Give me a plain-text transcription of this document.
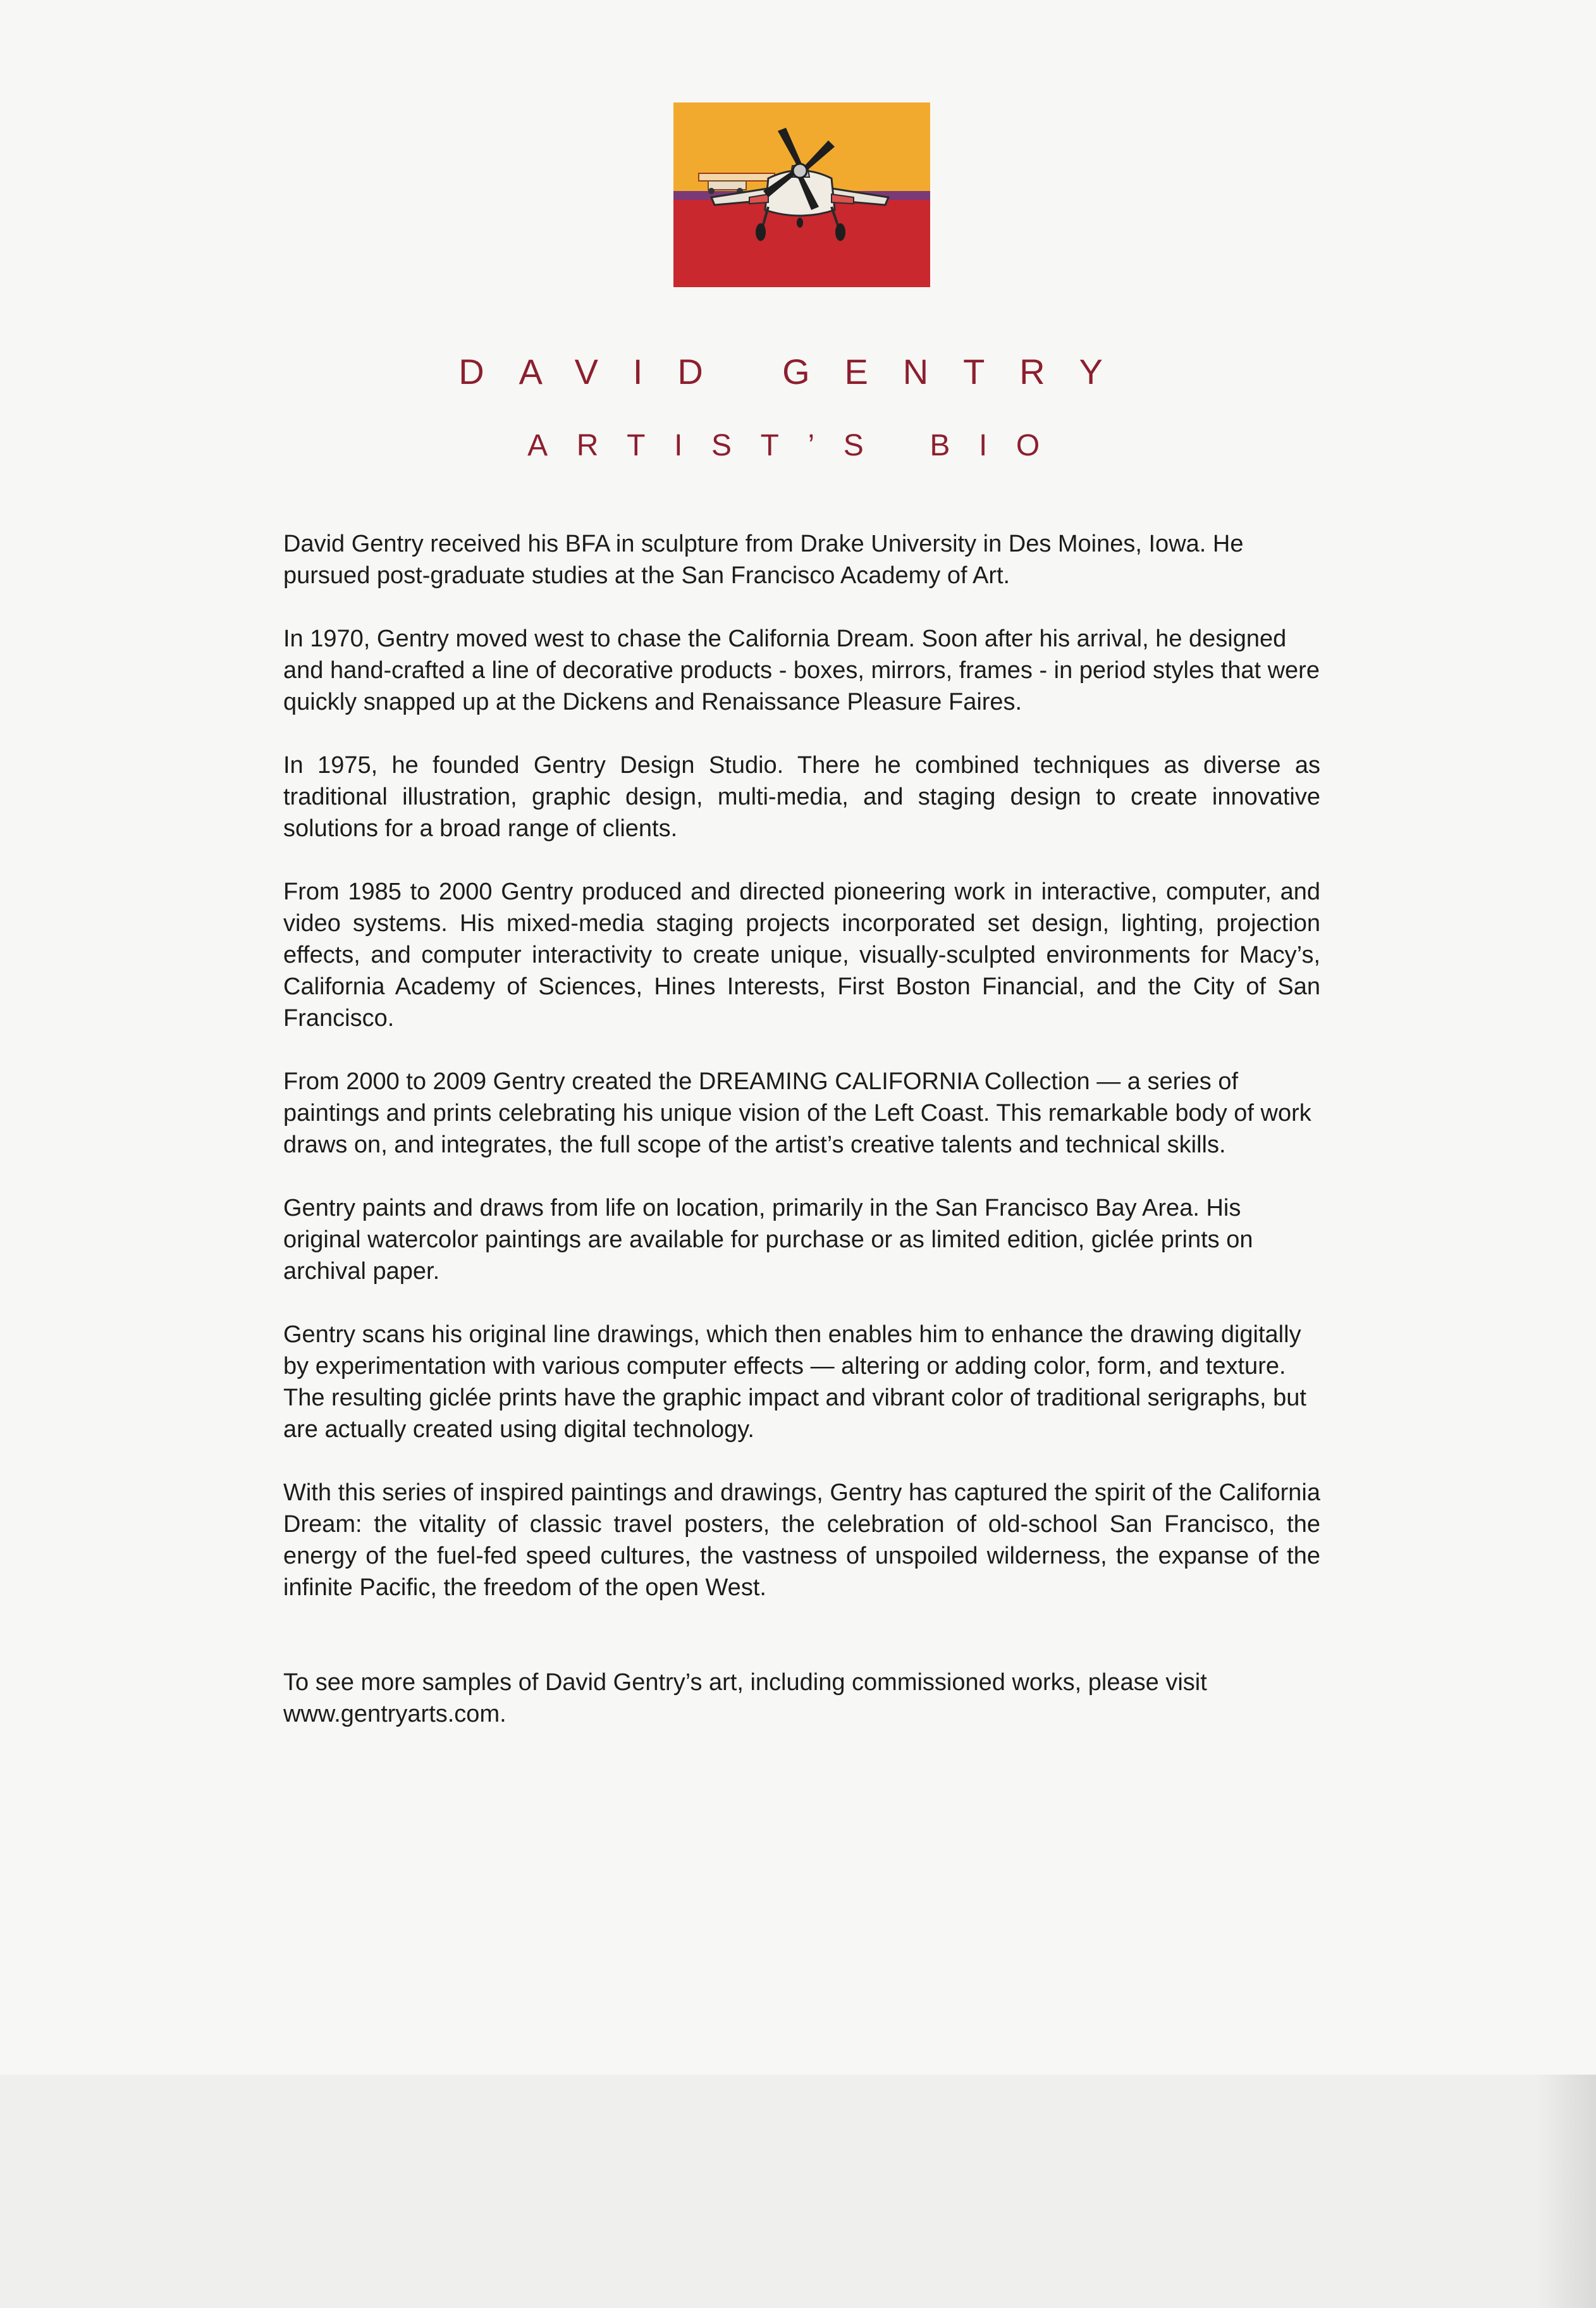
DAVID GENTRY
ARTIST’S BIO

David Gentry received his BFA in sculpture from Drake University in Des Moines, Iowa. He pursued post-graduate studies at the San Francisco Academy of Art.

In 1970, Gentry moved west to chase the California Dream. Soon after his arrival, he designed and hand-crafted a line of decorative products - boxes, mirrors, frames - in period styles that were quickly snapped up at the Dickens and Renaissance Pleasure Faires.

In 1975, he founded Gentry Design Studio. There he combined techniques as diverse as traditional illustration, graphic design, multi-media, and staging design to create innovative solutions for a broad range of clients.

From 1985 to 2000 Gentry produced and directed pioneering work in interactive, computer, and video systems. His mixed-media staging projects incorporated set design, lighting, projection effects, and computer interactivity to create unique, visually-sculpted environments for Macy’s, California Academy of Sciences, Hines Interests, First Boston Financial, and the City of San Francisco.

From 2000 to 2009 Gentry created the DREAMING CALIFORNIA Collection — a series of paintings and prints celebrating his unique vision of the Left Coast. This remarkable body of work draws on, and integrates, the full scope of the artist’s creative talents and technical skills.

Gentry paints and draws from life on location, primarily in the San Francisco Bay Area. His original watercolor paintings are available for purchase or as limited edition, giclée prints on archival paper.

Gentry scans his original line drawings, which then enables him to enhance the drawing digitally by experimentation with various computer effects — altering or adding color, form, and texture. The resulting giclée prints have the graphic impact and vibrant color of traditional serigraphs, but are actually created using digital technology.

With this series of inspired paintings and drawings, Gentry has captured the spirit of the California Dream: the vitality of classic travel posters, the celebration of old-school San Francisco, the energy of the fuel-fed speed cultures, the vastness of unspoiled wilderness, the expanse of the infinite Pacific, the freedom of the open West.

To see more samples of David Gentry’s art, including commissioned works, please visit www.gentryarts.com.
